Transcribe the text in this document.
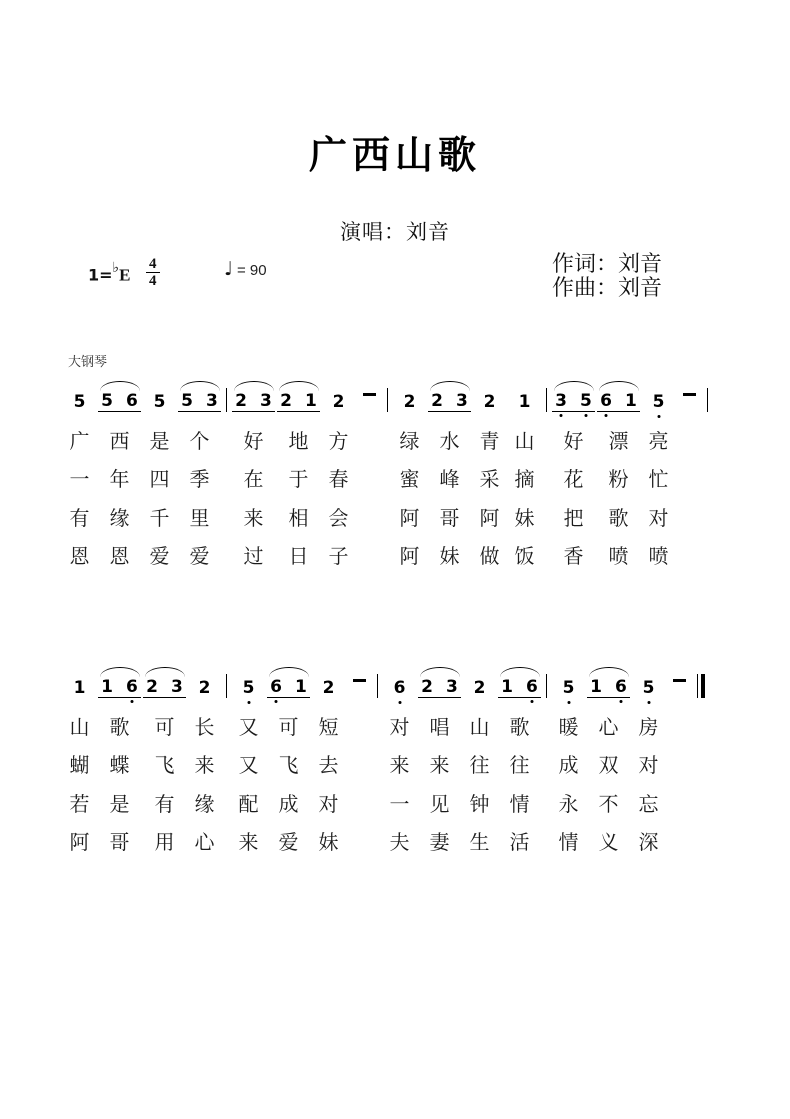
广西山歌
演唱：刘音
$1=^♭E \frac{4}{4}$	♩ = 90	作词：刘音
作曲：刘音
大钢琴
5
广
一
有
恩
5 6
西
年
缘
恩
5
是
四
千
爱
5 3
个
季
里
爱
2 3
好
在
来
过
2 1
地
于
相
日
2
方
春
会
子
2
绿
蜜
阿
阿
2 3
水
峰
哥
妹
2
青
采
阿
做
1
山
摘
妹
饭
3 5
好
花
把
香
6 1
漂
粉
歌
喷
5
亮
忙
对
喷
1
山
蝴
若
阿
1 6
歌
蝶
是
哥
2 3
可
飞
有
用
2
长
来
缘
心
5
又
又
配
来
6 1
可
飞
成
爱
2
短
去
对
妹
6
对
来
一
夫
2 3
唱
来
见
妻
2
山
往
钟
生
1 6
歌
往
情
活
5
暖
成
永
情
1 6
心
双
不
义
5
房
对
忘
深
